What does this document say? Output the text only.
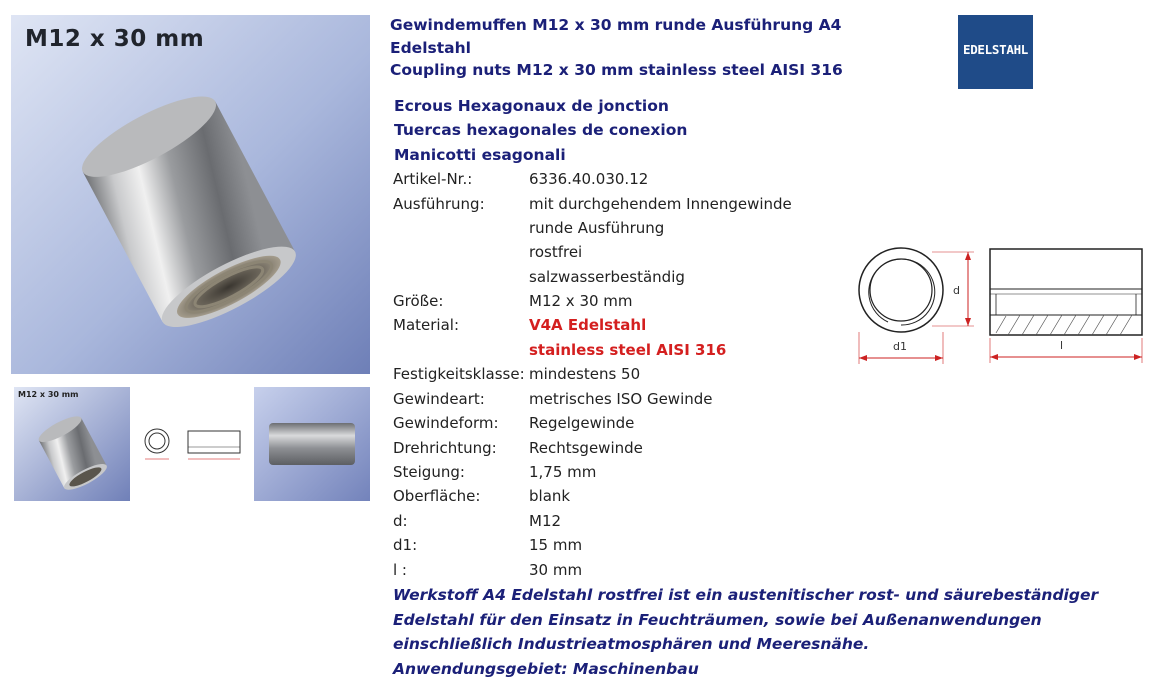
M12 x 30 mm
M12 x 30 mm
Gewindemuffen M12 x 30 mm runde Ausführung A4
Edelstahl
Coupling nuts M12 x 30 mm stainless steel AISI 316
Ecrous Hexagonaux de jonction
Tuercas hexagonales de conexion
Manicotti esagonali
Artikel-Nr.:	6336.40.030.12
Ausführung:	mit durchgehendem Innengewinde
runde Ausführung
rostfrei
salzwasserbeständig
Größe:	M12 x 30 mm
Material:	V4A Edelstahl
stainless steel AISI 316
Festigkeitsklasse: mindestens 50
Gewindeart:	metrisches ISO Gewinde
Gewindeform: Regelgewinde
Drehrichtung: Rechtsgewinde
Steigung:	1,75 mm
Oberfläche:	blank
d:	M12
d1:	15 mm
l :	30 mm
Werkstoff A4 Edelstahl rostfrei ist ein austenitischer rost- und säurebeständiger
Edelstahl für den Einsatz in Feuchträumen, sowie bei Außenanwendungen
einschließlich Industrieatmosphären und Meeresnähe.
Anwendungsgebiet: Maschinenbau
EDELSTAHL
d
d1	l
